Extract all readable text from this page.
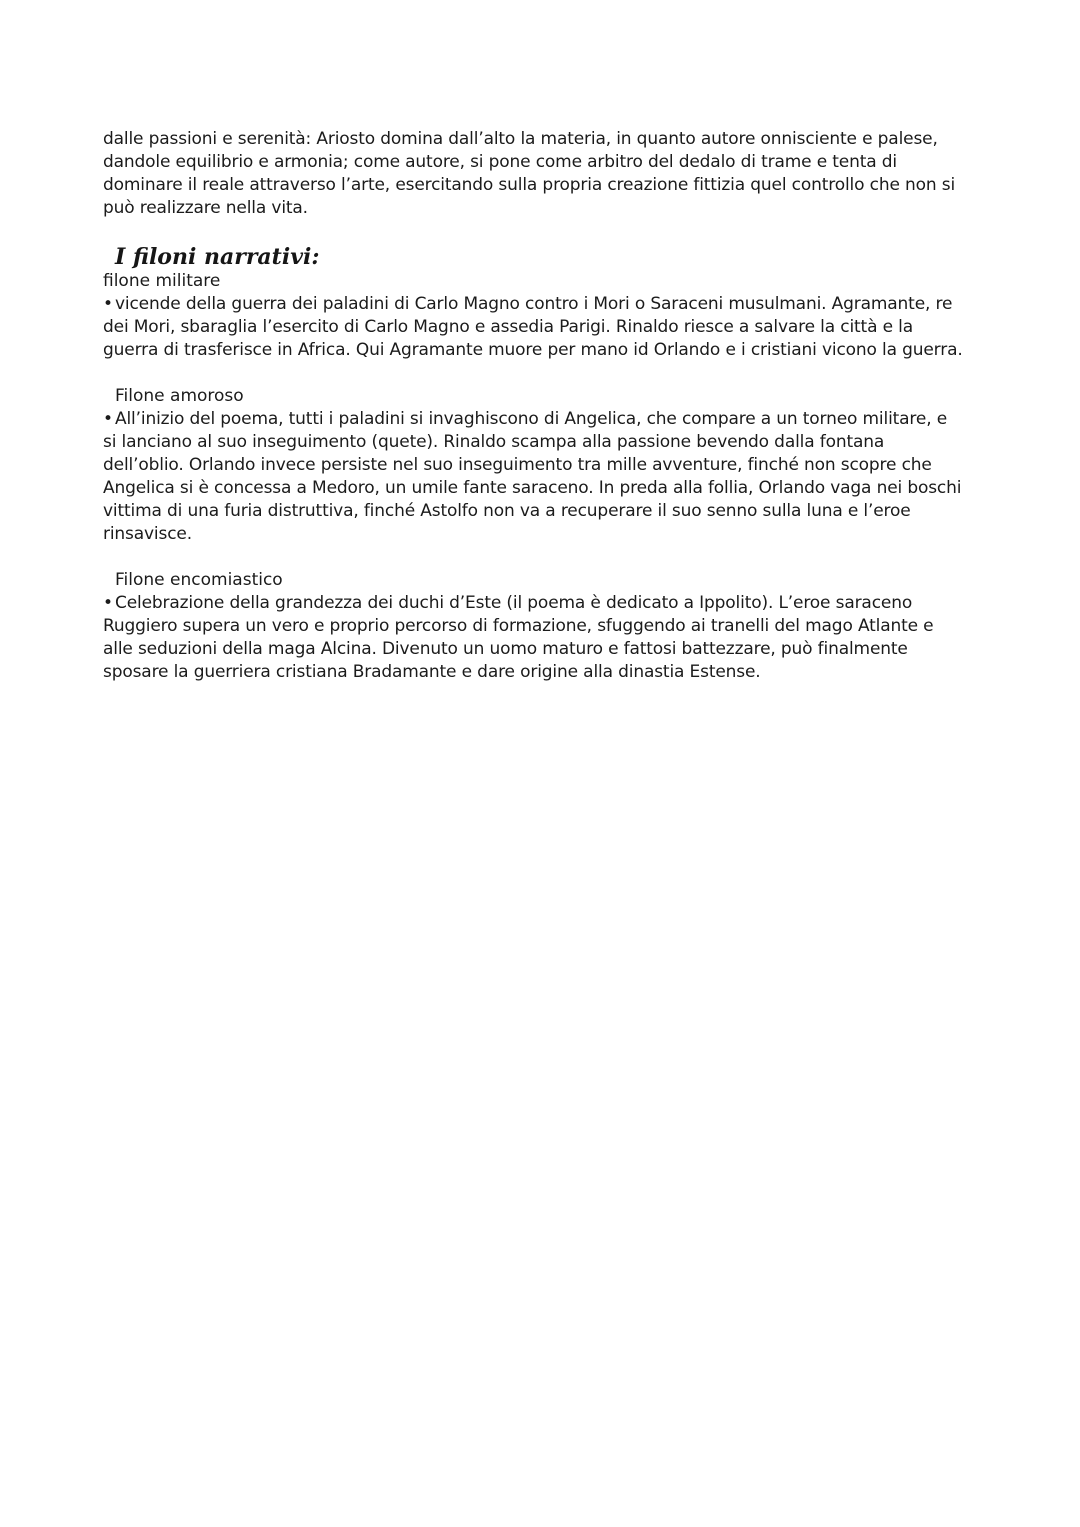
dalle passioni e serenità: Ariosto domina dall’alto la materia, in quanto autore onnisciente e palese,
dandole equilibrio e armonia; come autore, si pone come arbitro del dedalo di trame e tenta di
dominare il reale attraverso l’arte, esercitando sulla propria creazione fittizia quel controllo che non si
può realizzare nella vita.
I filoni narrativi:
filone militare
• vicende della guerra dei paladini di Carlo Magno contro i Mori o Saraceni musulmani. Agramante, re
dei Mori, sbaraglia l’esercito di Carlo Magno e assedia Parigi. Rinaldo riesce a salvare la città e la
guerra di trasferisce in Africa. Qui Agramante muore per mano id Orlando e i cristiani vicono la guerra.
Filone amoroso
• All’inizio del poema, tutti i paladini si invaghiscono di Angelica, che compare a un torneo militare, e
si lanciano al suo inseguimento (quete). Rinaldo scampa alla passione bevendo dalla fontana
dell’oblio. Orlando invece persiste nel suo inseguimento tra mille avventure, finché non scopre che
Angelica si è concessa a Medoro, un umile fante saraceno. In preda alla follia, Orlando vaga nei boschi
vittima di una furia distruttiva, finché Astolfo non va a recuperare il suo senno sulla luna e l’eroe
rinsavisce.
Filone encomiastico
• Celebrazione della grandezza dei duchi d’Este (il poema è dedicato a Ippolito). L’eroe saraceno
Ruggiero supera un vero e proprio percorso di formazione, sfuggendo ai tranelli del mago Atlante e
alle seduzioni della maga Alcina. Divenuto un uomo maturo e fattosi battezzare, può finalmente
sposare la guerriera cristiana Bradamante e dare origine alla dinastia Estense.
